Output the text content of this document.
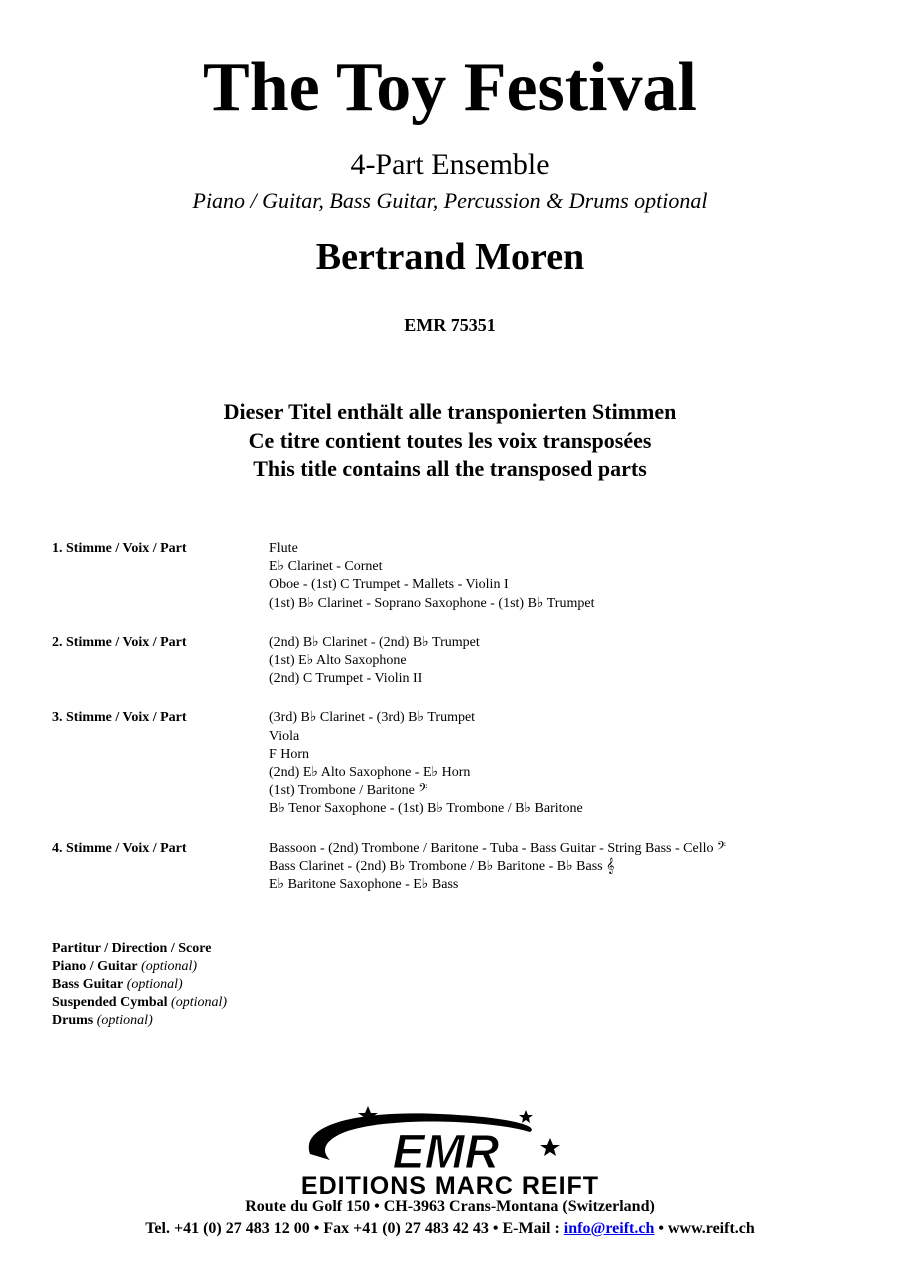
The Toy Festival
4-Part Ensemble
Piano / Guitar, Bass Guitar, Percussion & Drums optional
Bertrand Moren
EMR 75351
Dieser Titel enthält alle transponierten Stimmen
Ce titre contient toutes les voix transposées
This title contains all the transposed parts
1. Stimme / Voix / Part	Flute
E♭ Clarinet - Cornet
Oboe - (1st) C Trumpet - Mallets - Violin I
(1st) B♭ Clarinet - Soprano Saxophone - (1st) B♭ Trumpet
2. Stimme / Voix / Part	(2nd) B♭ Clarinet - (2nd) B♭ Trumpet
(1st) E♭ Alto Saxophone
(2nd) C Trumpet - Violin II
3. Stimme / Voix / Part	(3rd) B♭ Clarinet - (3rd) B♭ Trumpet
Viola
F Horn
(2nd) E♭ Alto Saxophone - E♭ Horn
(1st) Trombone / Baritone 𝄢
B♭ Tenor Saxophone - (1st) B♭ Trombone / B♭ Baritone
4. Stimme / Voix / Part	Bassoon - (2nd) Trombone / Baritone - Tuba - Bass Guitar - String Bass - Cello 𝄢
Bass Clarinet - (2nd) B♭ Trombone / B♭ Baritone - B♭ Bass 𝄞
E♭ Baritone Saxophone - E♭ Bass
Partitur / Direction / Score
Piano / Guitar (optional)
Bass Guitar (optional)
Suspended Cymbal (optional)
Drums (optional)
EMR
EDITIONS MARC REIFT
Route du Golf 150 • CH-3963 Crans-Montana (Switzerland)
Tel. +41 (0) 27 483 12 00 • Fax +41 (0) 27 483 42 43 • E-Mail : info@reift.ch • www.reift.ch
